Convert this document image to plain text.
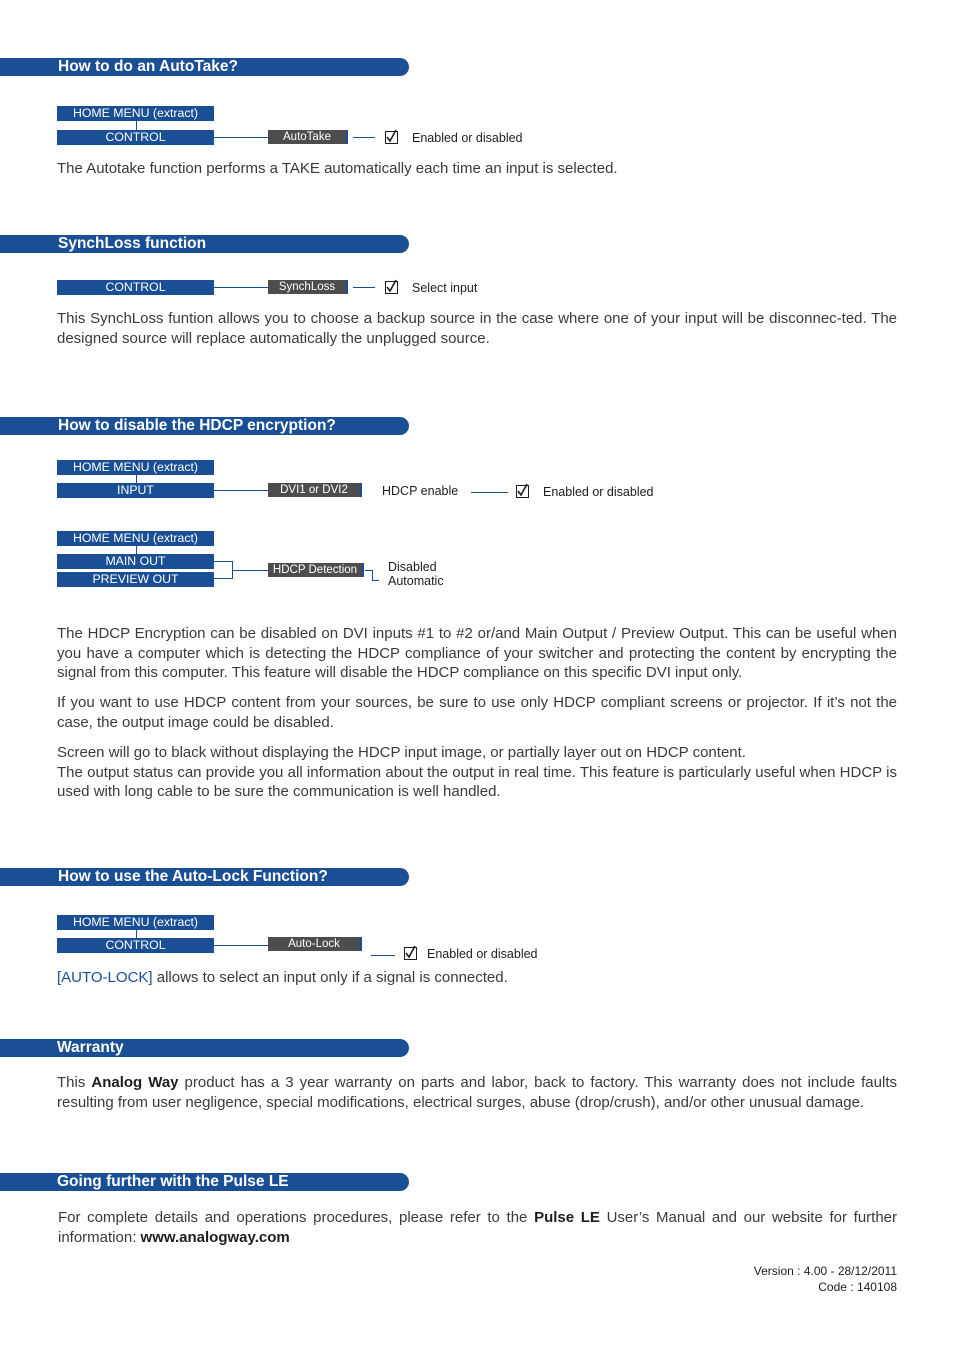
How to do an AutoTake?
HOME MENU (extract)
CONTROL	AutoTake	Enabled or disabled

The Autotake function performs a TAKE automatically each time an input is selected.

SynchLoss function
CONTROL	SynchLoss	Select input

This SynchLoss funtion allows you to choose a backup source in the case where one of your input will be disconnec-ted. The designed source will replace automatically the unplugged source.

How to disable the HDCP encryption?
HOME MENU (extract)
INPUT	DVI1 or DVI2	HDCP enable	Enabled or disabled
HOME MENU (extract)
MAIN OUT
PREVIEW OUT
HDCP Detection	Disabled
Automatic

The HDCP Encryption can be disabled on DVI inputs #1 to #2 or/and Main Output / Preview Output. This can be useful when you have a computer which is detecting the HDCP compliance of your switcher and protecting the content by encrypting the signal from this computer. This feature will disable the HDCP compliance on this specific DVI input only.

If you want to use HDCP content from your sources, be sure to use only HDCP compliant screens or projector. If it’s not the case, the output image could be disabled.

Screen will go to black without displaying the HDCP input image, or partially layer out on HDCP content.
The output status can provide you all information about the output in real time. This feature is particularly useful when HDCP is used with long cable to be sure the communication is well handled.

How to use the Auto-Lock Function?
HOME MENU (extract)
CONTROL	Auto-Lock
Enabled or disabled

[AUTO-LOCK] allows to select an input only if a signal is connected.

Warranty

This Analog Way product has a 3 year warranty on parts and labor, back to factory. This warranty does not include faults resulting from user negligence, special modifications, electrical surges, abuse (drop/crush), and/or other unusual damage.

Going further with the Pulse LE

For complete details and operations procedures, please refer to the Pulse LE User’s Manual and our website for further information: www.analogway.com

Version : 4.00 - 28/12/2011
Code : 140108
